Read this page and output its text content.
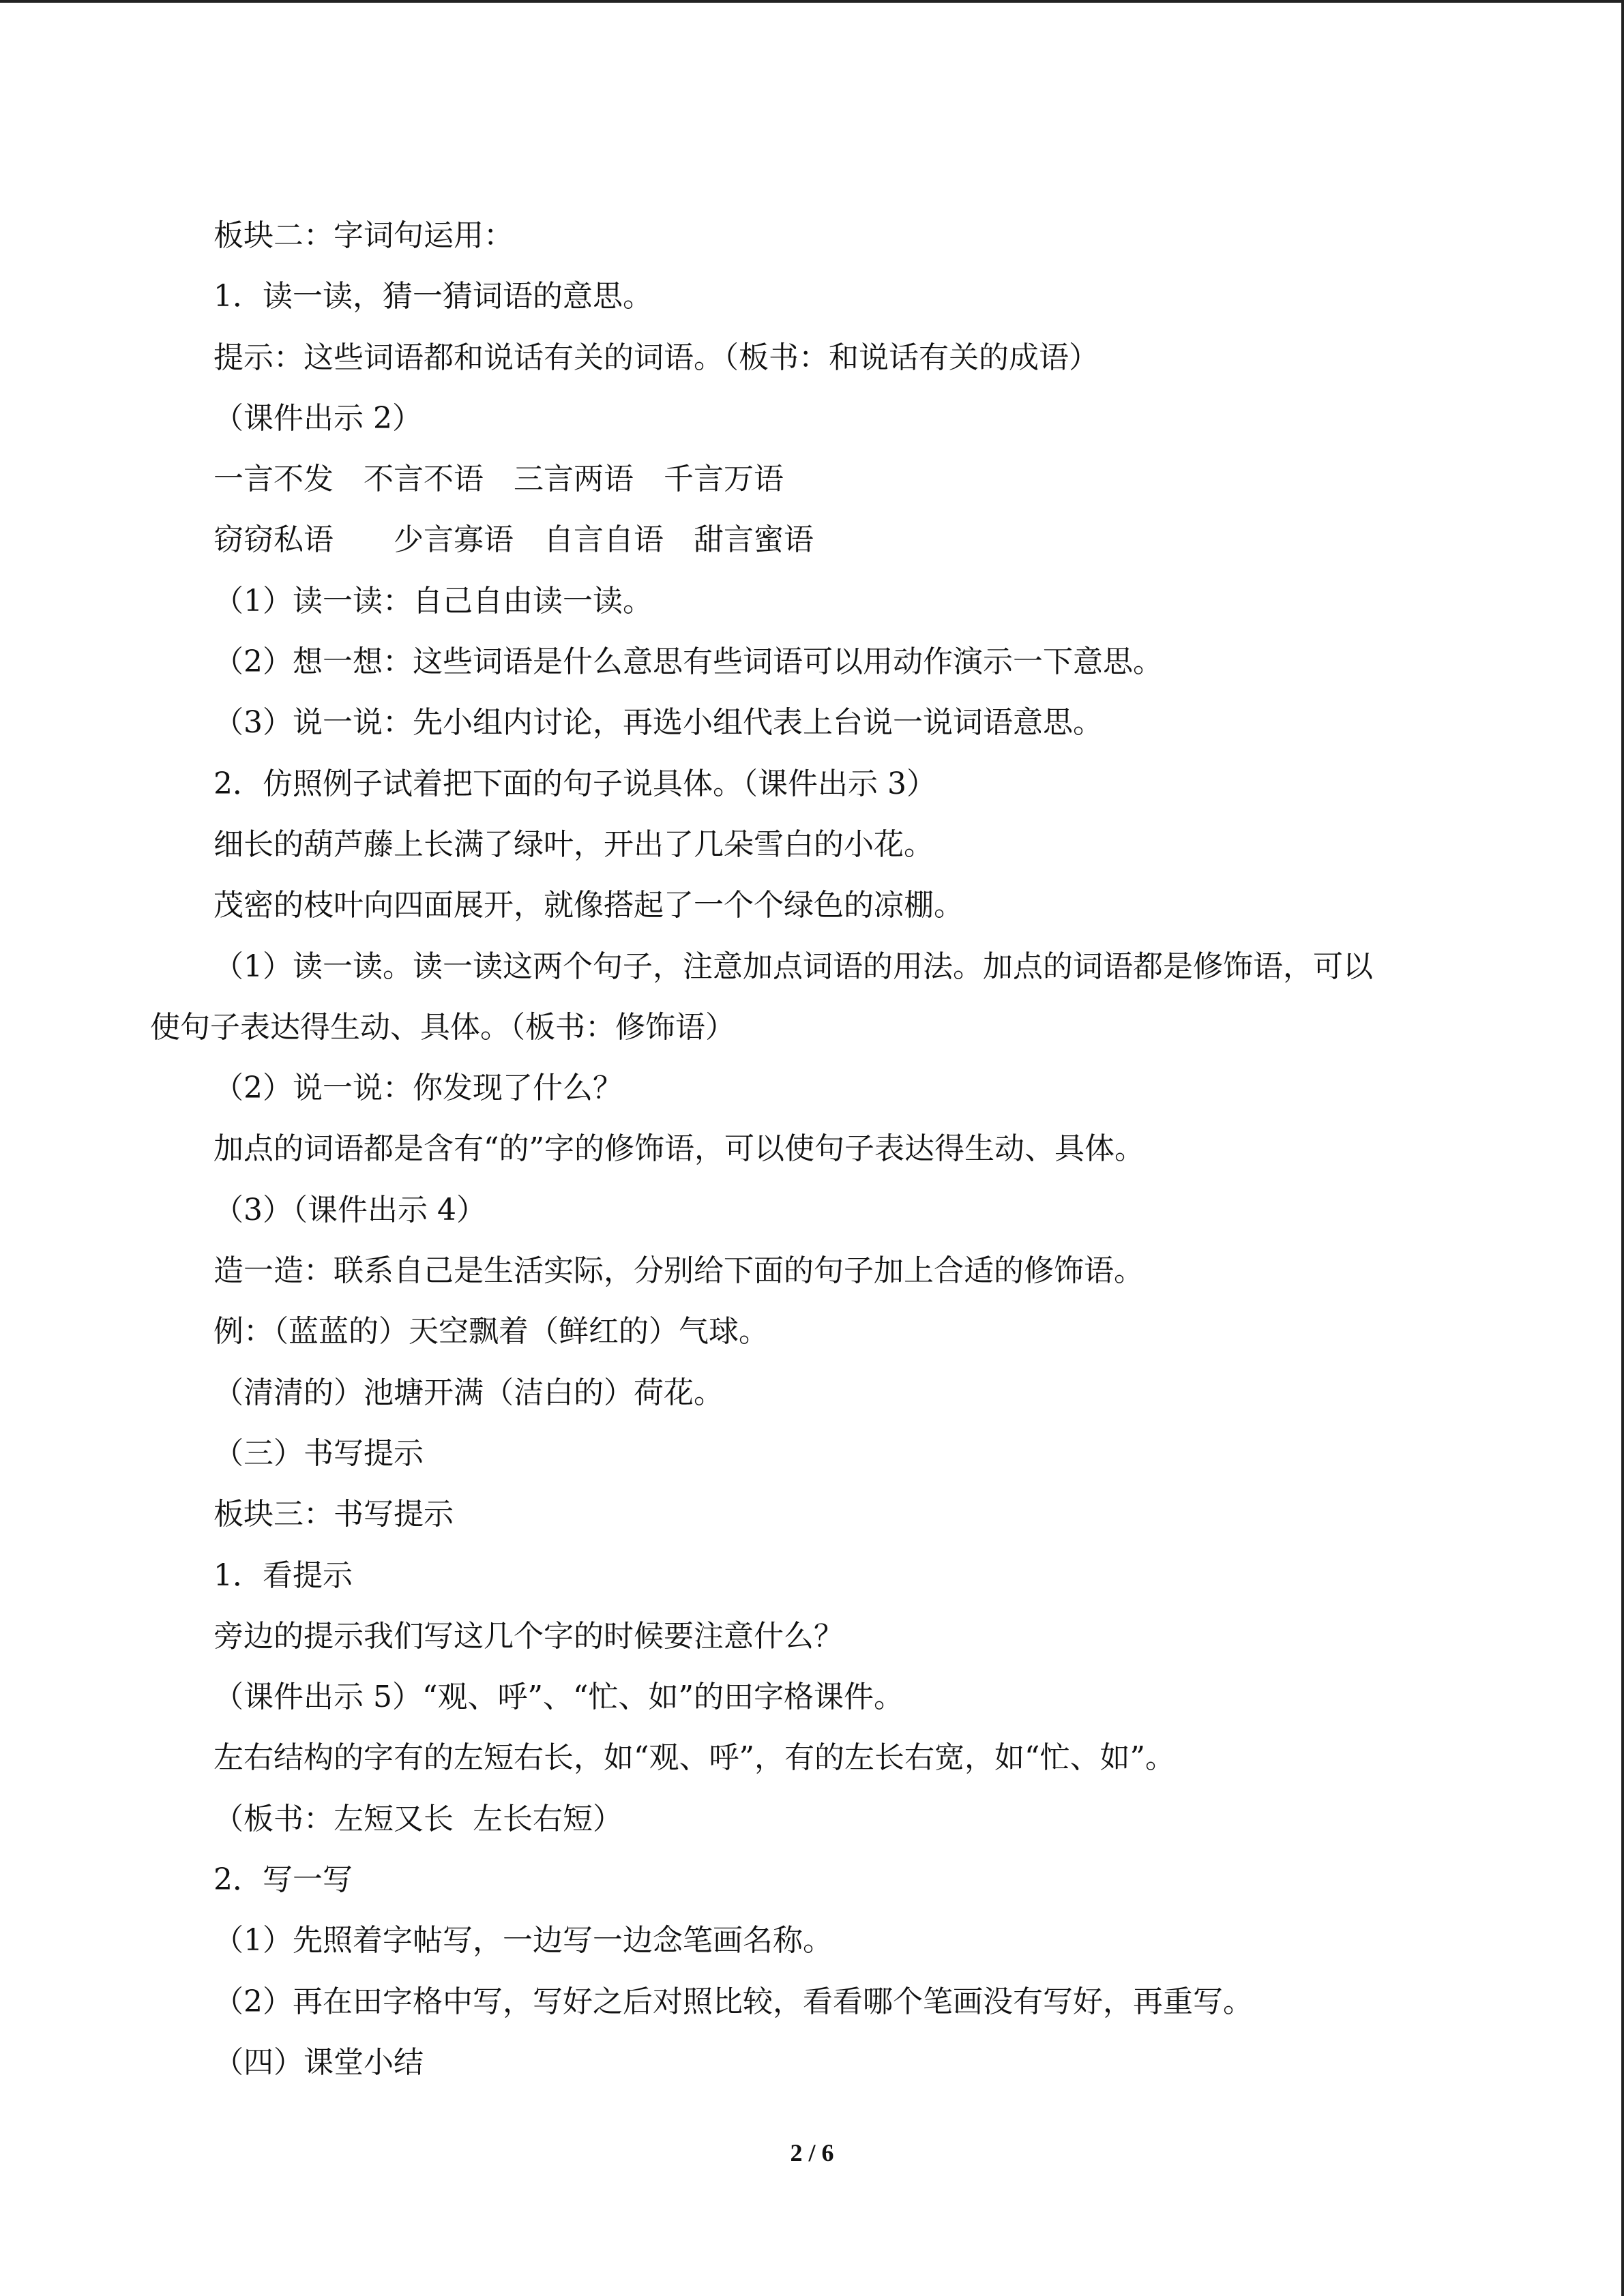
板块二：字词句运用：
1．读一读，猜一猜词语的意思。
提示：这些词语都和说话有关的词语。（板书：和说话有关的成语）
（课件出示 2）
一言不发　不言不语　三言两语　千言万语
窃窃私语　　少言寡语　自言自语　甜言蜜语
（1）读一读：自己自由读一读。
（2）想一想：这些词语是什么意思有些词语可以用动作演示一下意思。
（3）说一说：先小组内讨论，再选小组代表上台说一说词语意思。
2．仿照例子试着把下面的句子说具体。（课件出示 3）
细长的葫芦藤上长满了绿叶，开出了几朵雪白的小花。
茂密的枝叶向四面展开，就像搭起了一个个绿色的凉棚。
（1）读一读。读一读这两个句子，注意加点词语的用法。加点的词语都是修饰语，可以
使句子表达得生动、具体。（板书：修饰语）
（2）说一说：你发现了什么？
加点的词语都是含有“的”字的修饰语，可以使句子表达得生动、具体。
（3）（课件出示 4）
造一造：联系自己是生活实际，分别给下面的句子加上合适的修饰语。
例：（蓝蓝的）天空飘着（鲜红的）气球。
（清清的）池塘开满（洁白的）荷花。
（三）书写提示
板块三：书写提示
1．看提示
旁边的提示我们写这几个字的时候要注意什么？
（课件出示 5）“观、呼”、“忙、如”的田字格课件。
左右结构的字有的左短右长，如“观、呼”，有的左长右宽，如“忙、如”。
（板书：左短又长  左长右短）
2．写一写
（1）先照着字帖写，一边写一边念笔画名称。
（2）再在田字格中写，写好之后对照比较，看看哪个笔画没有写好，再重写。
（四）课堂小结
2 / 6
